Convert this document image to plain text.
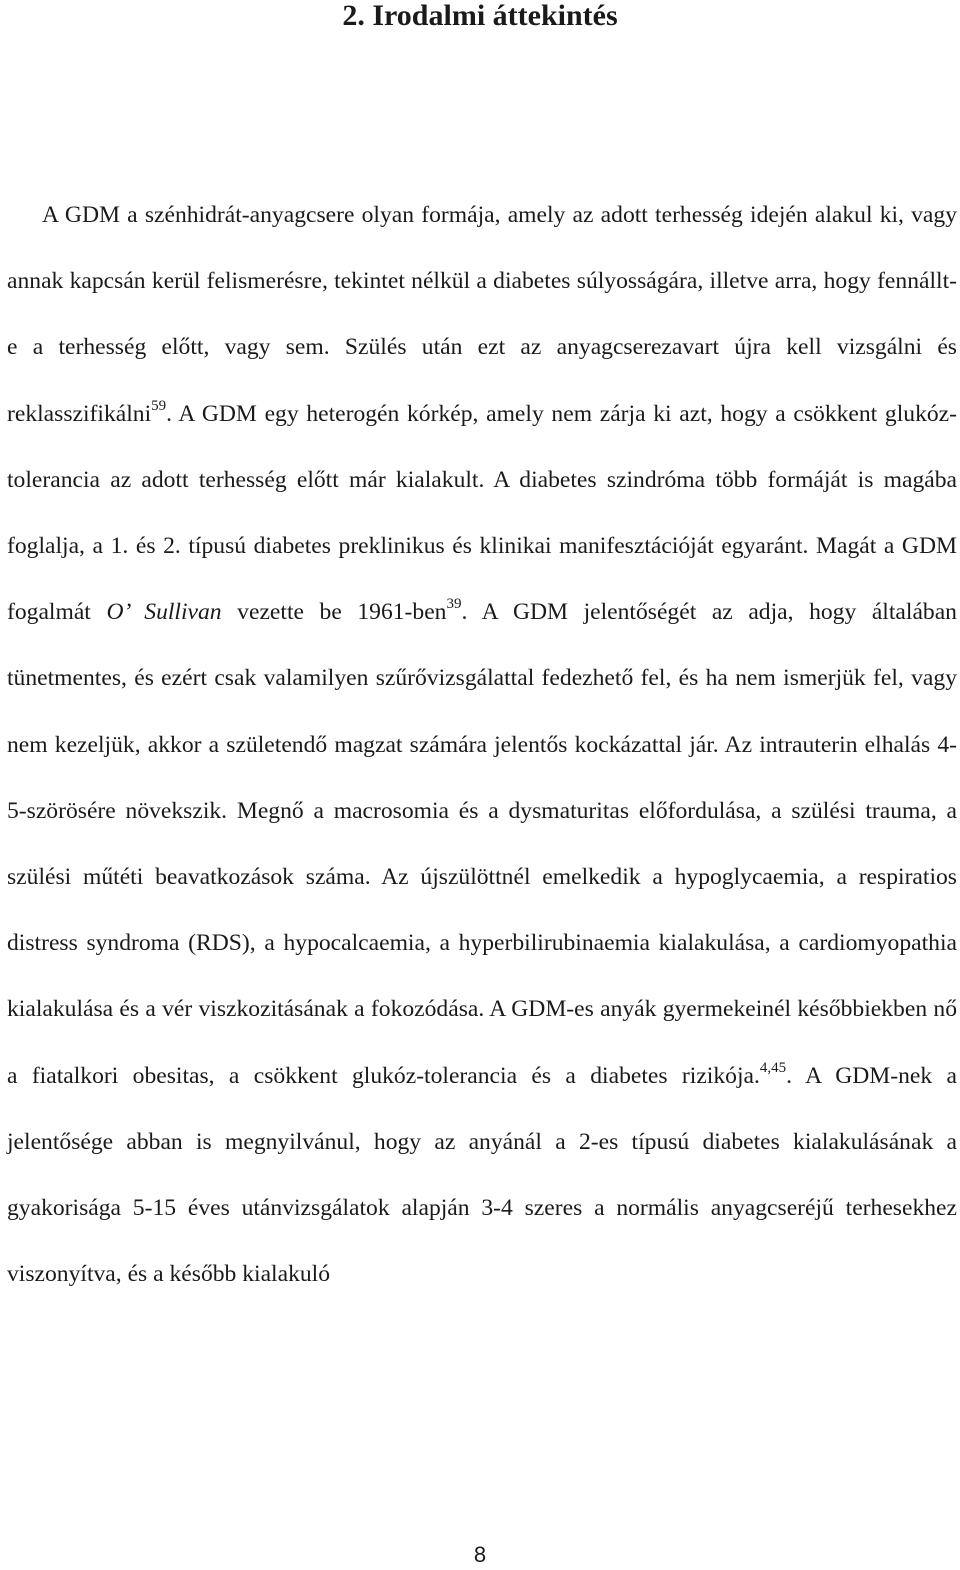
2. Irodalmi áttekintés

A GDM a szénhidrát-anyagcsere olyan formája, amely az adott terhesség idején alakul ki, vagy annak kapcsán kerül felismerésre, tekintet nélkül a diabetes súlyosságára, illetve arra, hogy fennállt-e a terhesség előtt, vagy sem. Szülés után ezt az anyagcserezavart újra kell vizsgálni és reklasszifikálni$^{59}$. A GDM egy heterogén kórkép, amely nem zárja ki azt, hogy a csökkent glukóz-tolerancia az adott terhesség előtt már kialakult. A diabetes szindróma több formáját is magába foglalja, a 1. és 2. típusú diabetes preklinikus és klinikai manifesztációját egyaránt. Magát a GDM fogalmát O’ Sullivan vezette be 1961-ben$^{39}$. A GDM jelentőségét az adja, hogy általában tünetmentes, és ezért csak valamilyen szűrővizsgálattal fedezhető fel, és ha nem ismerjük fel, vagy nem kezeljük, akkor a születendő magzat számára jelentős kockázattal jár. Az intrauterin elhalás 4-5-szörösére növekszik. Megnő a macrosomia és a dysmaturitas előfordulása, a szülési trauma, a szülési műtéti beavatkozások száma. Az újszülöttnél emelkedik a hypoglycaemia, a respiratios distress syndroma (RDS), a hypocalcaemia, a hyperbilirubinaemia kialakulása, a cardiomyopathia kialakulása és a vér viszkozitásának a fokozódása. A GDM-es anyák gyermekeinél későbbiekben nő a fiatalkori obesitas, a csökkent glukóz-tolerancia és a diabetes rizikója.$^{4,45}$. A GDM-nek a jelentősége abban is megnyilvánul, hogy az anyánál a 2-es típusú diabetes kialakulásának a gyakorisága 5-15 éves utánvizsgálatok alapján 3-4 szeres a normális anyagcseréjű terhesekhez viszonyítva, és a később kialakuló

8
